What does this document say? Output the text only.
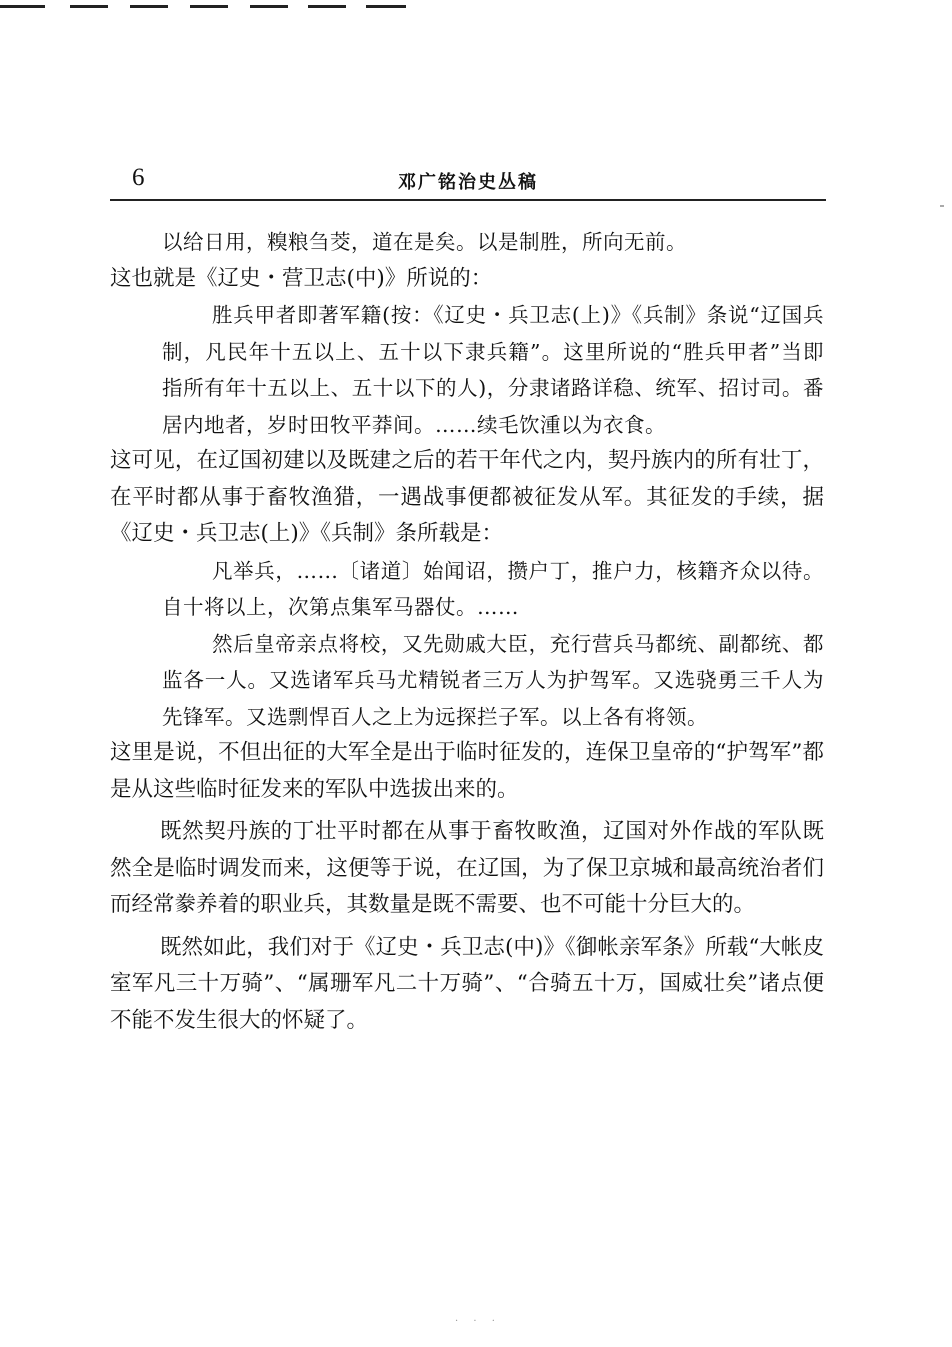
6	邓广铭治史丛稿

以给日用，糗粮刍茭，道在是矣。以是制胜，所向无前。

这也就是《辽史・营卫志(中)》所说的：

胜兵甲者即著军籍(按：《辽史・兵卫志(上)》《兵制》条说“辽国兵制，凡民年十五以上、五十以下隶兵籍”。这里所说的“胜兵甲者”当即指所有年十五以上、五十以下的人)，分隶诸路详稳、统军、招讨司。番居内地者，岁时田牧平莽间。……续毛饮湩以为衣食。

这可见，在辽国初建以及既建之后的若干年代之内，契丹族内的所有壮丁，在平时都从事于畜牧渔猎，一遇战事便都被征发从军。其征发的手续，据《辽史・兵卫志(上)》《兵制》条所载是：

凡举兵，……〔诸道〕始闻诏，攒户丁，推户力，核籍齐众以待。自十将以上，次第点集军马器仗。……

然后皇帝亲点将校，又先勋戚大臣，充行营兵马都统、副都统、都监各一人。又选诸军兵马尤精锐者三万人为护驾军。又选骁勇三千人为先锋军。又选剽悍百人之上为远探拦子军。以上各有将领。

这里是说，不但出征的大军全是出于临时征发的，连保卫皇帝的“护驾军”都是从这些临时征发来的军队中选拔出来的。

既然契丹族的丁壮平时都在从事于畜牧畋渔，辽国对外作战的军队既然全是临时调发而来，这便等于说，在辽国，为了保卫京城和最高统治者们而经常豢养着的职业兵，其数量是既不需要、也不可能十分巨大的。

既然如此，我们对于《辽史・兵卫志(中)》《御帐亲军条》所载“大帐皮室军凡三十万骑”、“属珊军凡二十万骑”、“合骑五十万，国威壮矣”诸点便不能不发生很大的怀疑了。

· · ·
